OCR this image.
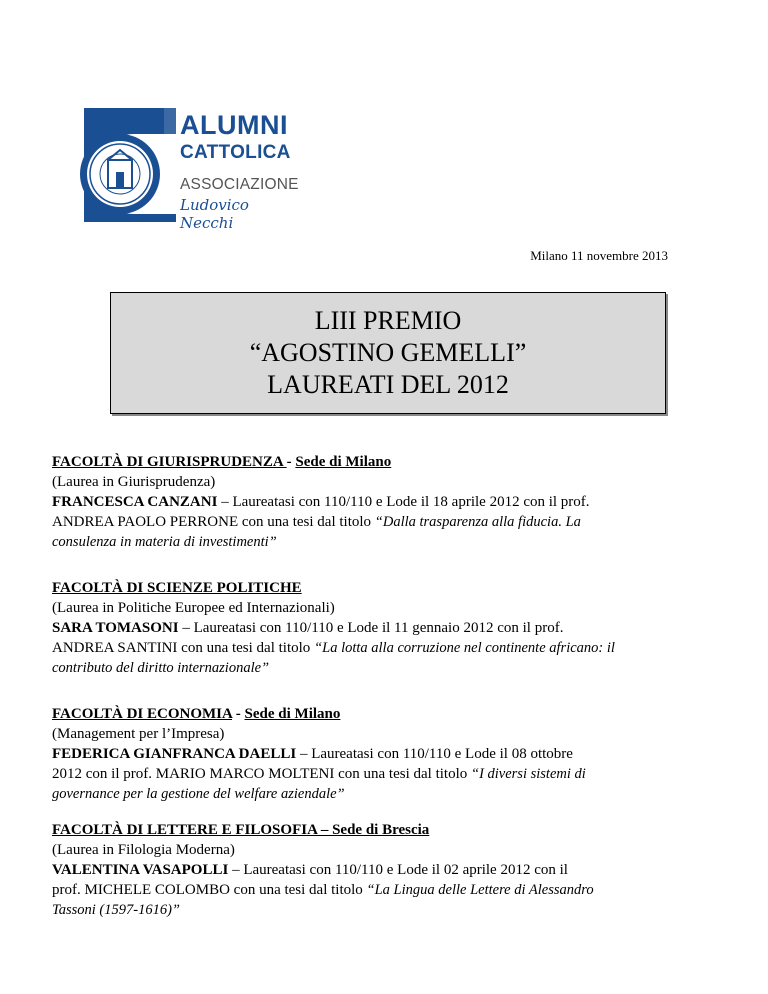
ALUMNI
CATTOLICA
ASSOCIAZIONE
Ludovico Necchi
Milano 11 novembre 2013
LIII PREMIO
“AGOSTINO GEMELLI”
LAUREATI DEL 2012
FACOLTÀ DI GIURISPRUDENZA - Sede di Milano
(Laurea in Giurisprudenza)
FRANCESCA CANZANI – Laureatasi con 110/110 e Lode il 18 aprile 2012 con il prof.
ANDREA PAOLO PERRONE con una tesi dal titolo “Dalla trasparenza alla fiducia. La
consulenza in materia di investimenti”
FACOLTÀ DI SCIENZE POLITICHE
(Laurea in Politiche Europee ed Internazionali)
SARA TOMASONI – Laureatasi con 110/110 e Lode il 11 gennaio 2012 con il prof.
ANDREA SANTINI con una tesi dal titolo “La lotta alla corruzione nel continente africano: il
contributo del diritto internazionale”
FACOLTÀ DI ECONOMIA - Sede di Milano
(Management per l’Impresa)
FEDERICA GIANFRANCA DAELLI – Laureatasi con 110/110 e Lode il 08 ottobre
2012 con il prof. MARIO MARCO MOLTENI con una tesi dal titolo “I diversi sistemi di
governance per la gestione del welfare aziendale”
FACOLTÀ DI LETTERE E FILOSOFIA – Sede di Brescia
(Laurea in Filologia Moderna)
VALENTINA VASAPOLLI – Laureatasi con 110/110 e Lode il 02 aprile 2012 con il
prof. MICHELE COLOMBO con una tesi dal titolo “La Lingua delle Lettere di Alessandro
Tassoni (1597-1616)”
